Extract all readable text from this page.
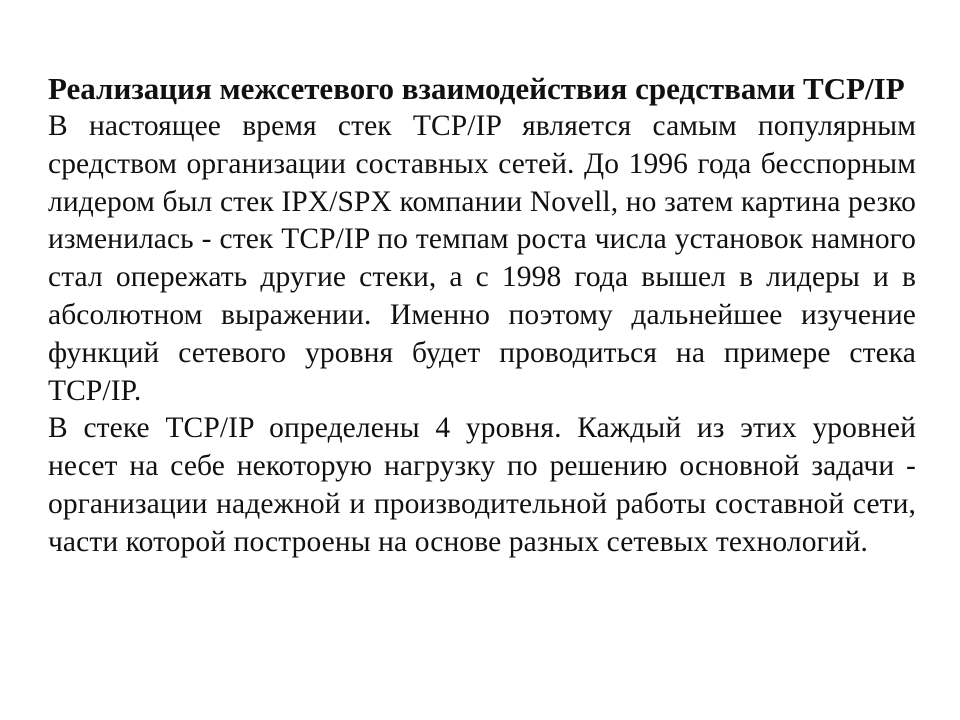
Реализация межсетевого взаимодействия средствами TCP/IP

В настоящее время стек TCP/IP является самым популярным средством организации составных сетей. До 1996 года бесспорным лидером был стек IPX/SPX компании Novell, но затем картина резко изменилась - стек TCP/IP по темпам роста числа установок намного стал опережать другие стеки, а с 1998 года вышел в лидеры и в абсолютном выражении. Именно поэтому дальнейшее изучение функций сетевого уровня будет проводиться на примере стека TCP/IP.

В стеке TCP/IP определены 4 уровня. Каждый из этих уровней несет на себе некоторую нагрузку по решению основной задачи - организации надежной и производительной работы составной сети, части которой построены на основе разных сетевых технологий.
